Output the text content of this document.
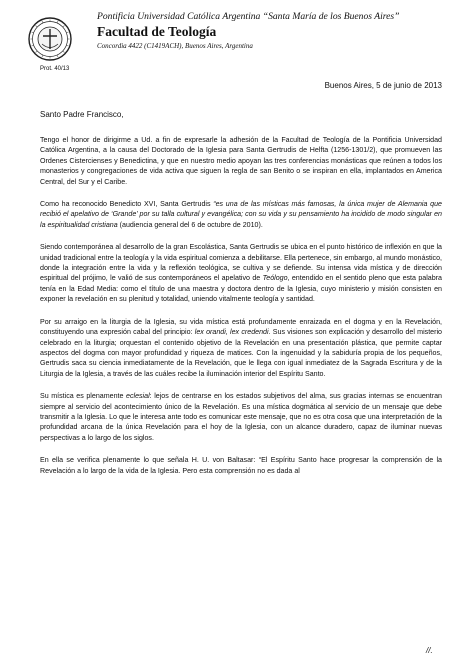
Pontificia Universidad Católica Argentina “Santa María de los Buenos Aires”
Facultad de Teología
Concordia 4422 (C1419ACH), Buenos Aires, Argentina
Prot. 40/13
Buenos Aires, 5 de junio de 2013
Santo Padre Francisco,

Tengo el honor de dirigirme a Ud. a fin de expresarle la adhesión de la Facultad de Teología de la Pontificia Universidad Católica Argentina, a la causa del Doctorado de la Iglesia para Santa Gertrudis de Helfta (1256-1301/2), que promueven las Ordenes Cistercienses y Benedictina, y que en nuestro medio apoyan las tres conferencias monásticas que reúnen a todos los monasterios y congregaciones de vida activa que siguen la regla de san Benito o se inspiran en ella, implantados en America Central, del Sur y el Caribe.

Como ha reconocido Benedicto XVI, Santa Gertrudis “es una de las místicas más famosas, la única mujer de Alemania que recibió el apelativo de ‘Grande’ por su talla cultural y evangélica; con su vida y su pensamiento ha incidido de modo singular en la espiritualidad cristiana (audiencia general del 6 de octubre de 2010).

Siendo contemporánea al desarrollo de la gran Escolástica, Santa Gertrudis se ubica en el punto histórico de inflexión en que la unidad tradicional entre la teología y la vida espiritual comienza a debilitarse. Ella pertenece, sin embargo, al mundo monástico, donde la integración entre la vida y la reflexión teológica, se cultiva y se defiende. Su intensa vida mística y de dirección espiritual del prójimo, le valió de sus contemporáneos el apelativo de Teólogo, entendido en el sentido pleno que esta palabra tenía en la Edad Media: como el título de una maestra y doctora dentro de la Iglesia, cuyo ministerio y misión consisten en exponer la revelación en su plenitud y totalidad, uniendo vitalmente teología y santidad.

Por su arraigo en la liturgia de la Iglesia, su vida mística está profundamente enraizada en el dogma y en la Revelación, constituyendo una expresión cabal del principio: lex orandi, lex credendi. Sus visiones son explicación y desarrollo del misterio celebrado en la liturgia; orquestan el contenido objetivo de la Revelación en una presentación plástica, que permite captar aspectos del dogma con mayor profundidad y riqueza de matices. Con la ingenuidad y la sabiduría propia de los pequeños, Gertrudis saca su ciencia inmediatamente de la Revelación, que le llega con igual inmediatez de la Sagrada Escritura y de la Liturgia de la Iglesia, a través de las cuáles recibe la iluminación interior del Espíritu Santo.

Su mística es plenamente eclesial: lejos de centrarse en los estados subjetivos del alma, sus gracias internas se encuentran siempre al servicio del acontecimiento único de la Revelación. Es una mística dogmática al servicio de un mensaje que debe transmitir a la Iglesia. Lo que le interesa ante todo es comunicar este mensaje, que no es otra cosa que una interpretación de la profundidad arcana de la única Revelación para el hoy de la Iglesia, con un alcance duradero, capaz de iluminar nuevas perspectivas a lo largo de los siglos.

En ella se verifica plenamente lo que señala H. U. von Baltasar: “El Espíritu Santo hace progresar la comprensión de la Revelación a lo largo de la vida de la Iglesia. Pero esta comprensión no es dada al

//.
